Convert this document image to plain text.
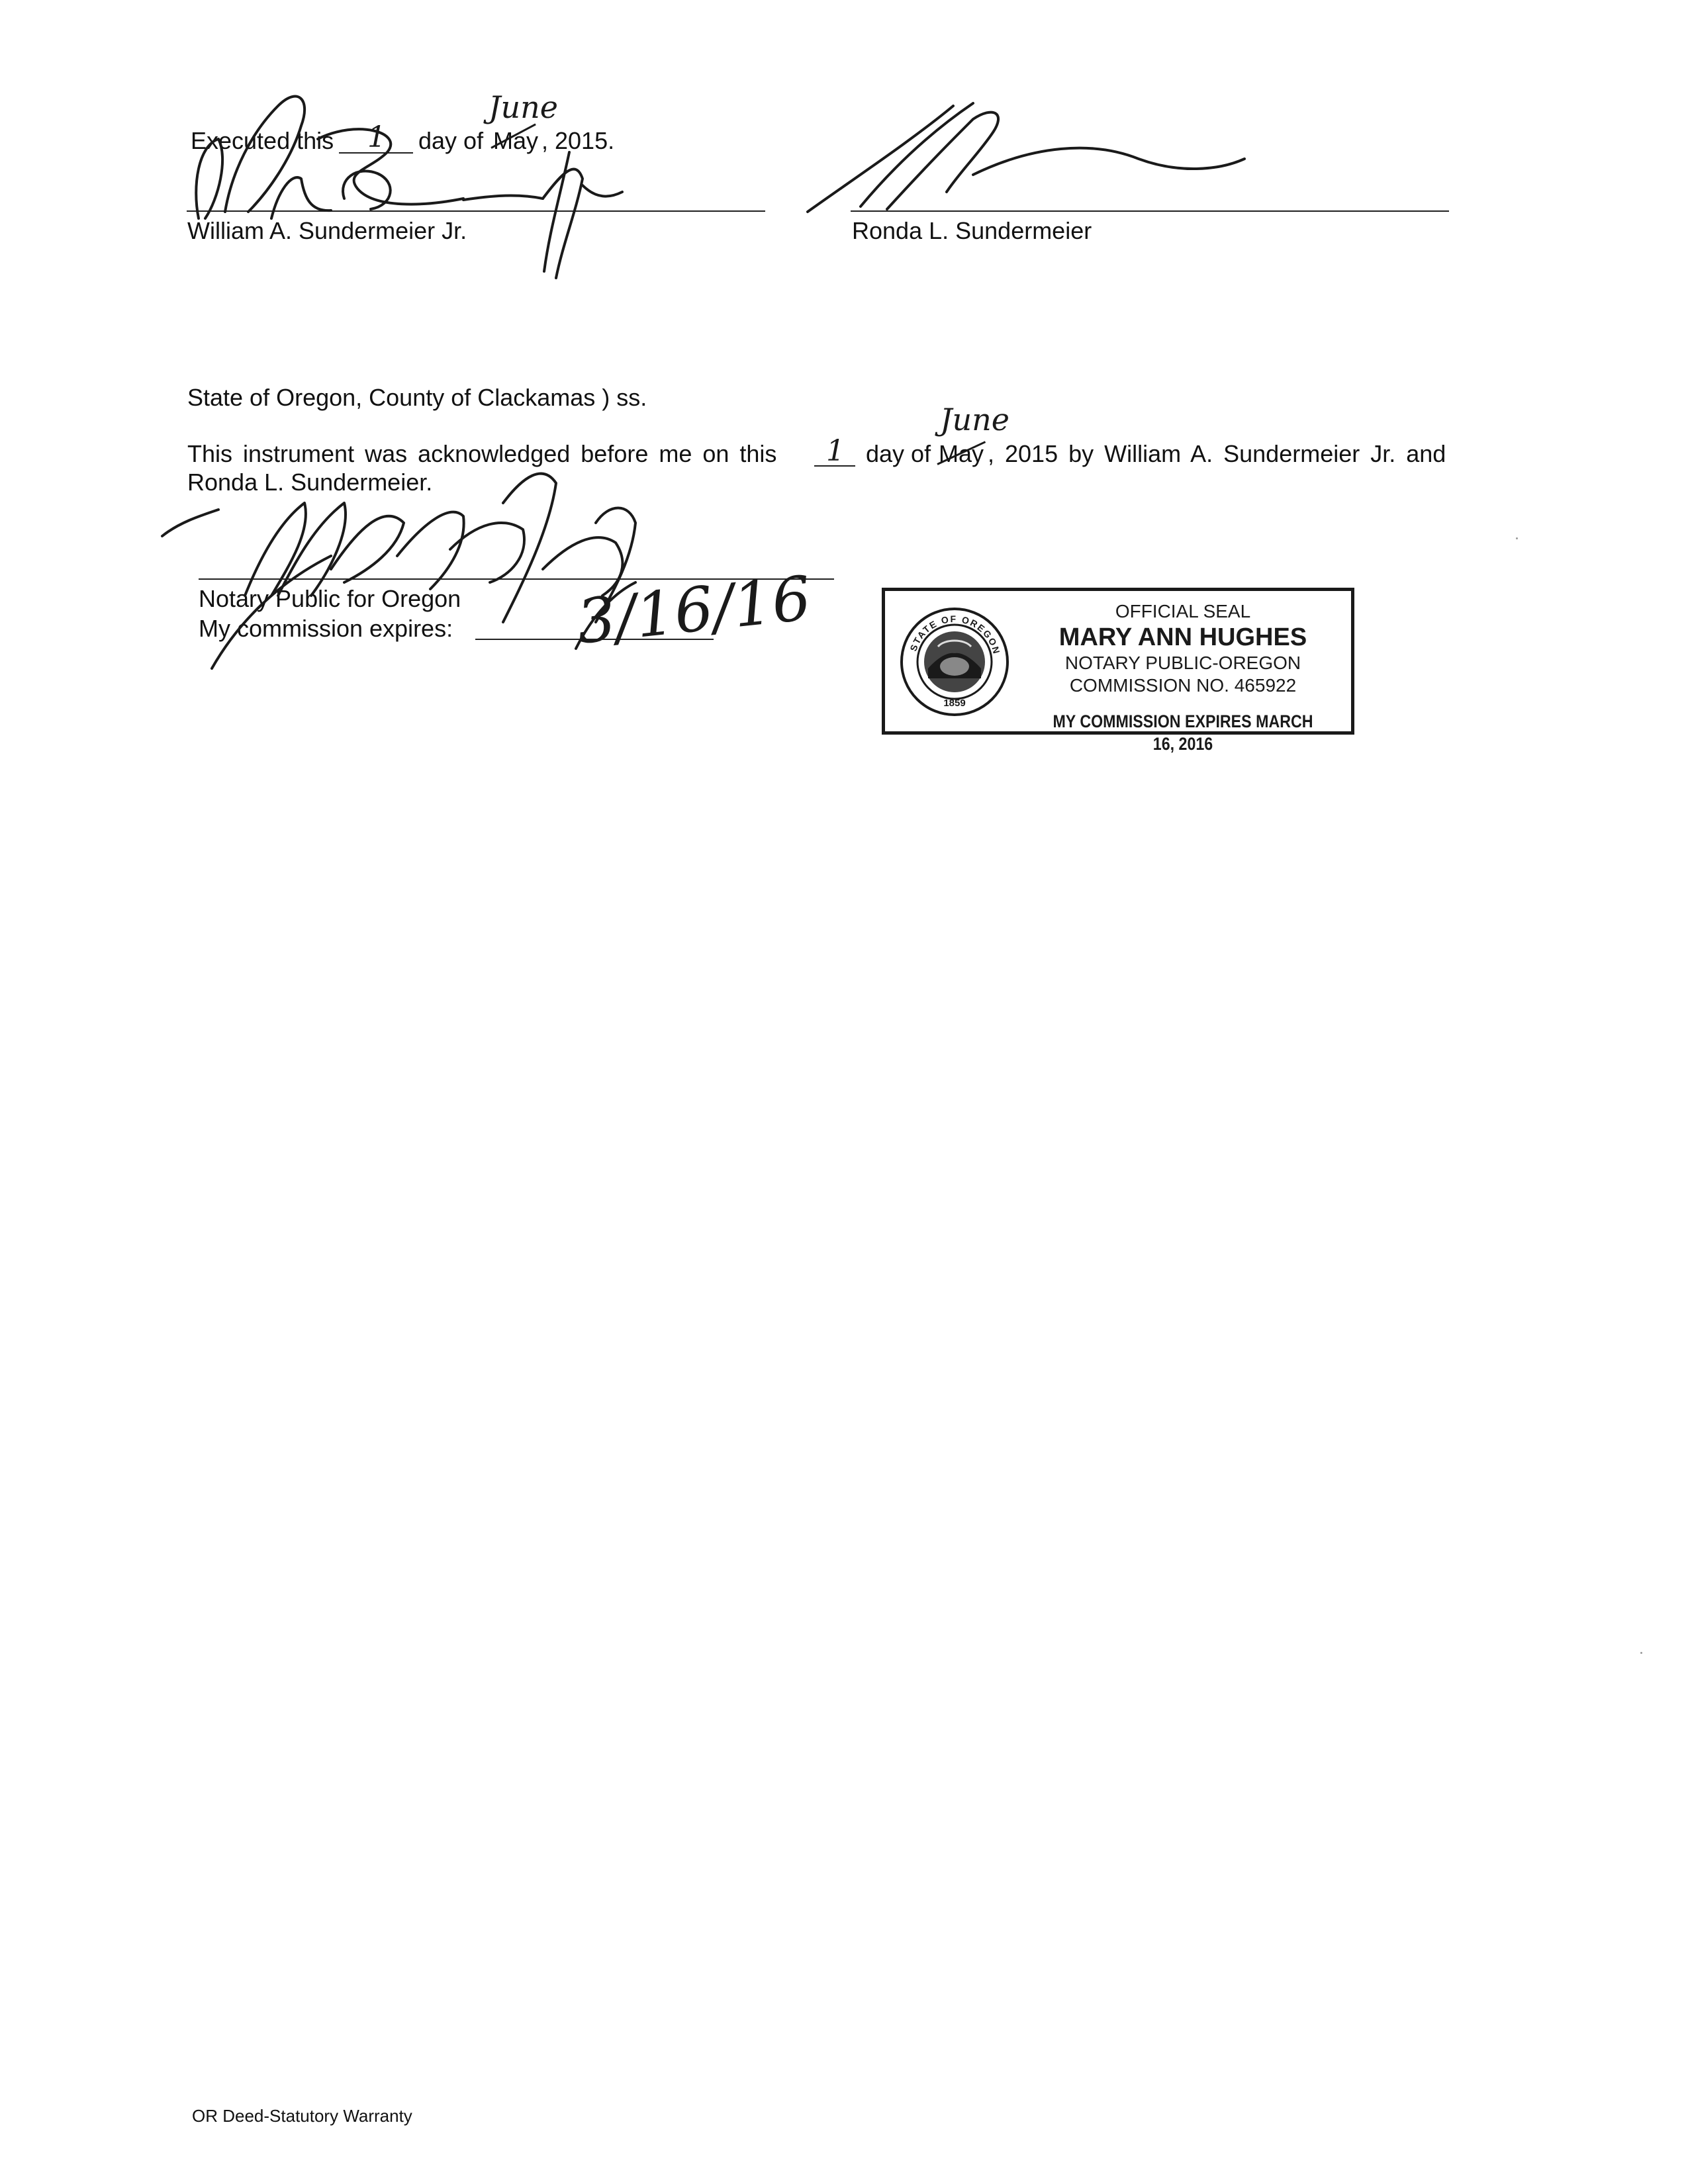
Executed this	day of May , 2015.
William A. Sundermeier Jr.	Ronda L. Sundermeier
State of Oregon, County of Clackamas ) ss.
This instrument was acknowledged before me on this	day of May , 2015 by William A. Sundermeier Jr. and
Ronda L. Sundermeier.
Notary Public for Oregon
My commission expires:
1
June
1
June
3/16/16	STATE OF OREGON
1859
OFFICIAL SEAL
MARY ANN HUGHES
NOTARY PUBLIC-OREGON
COMMISSION NO. 465922
MY COMMISSION EXPIRES MARCH 16, 2016
OR Deed-Statutory Warranty
